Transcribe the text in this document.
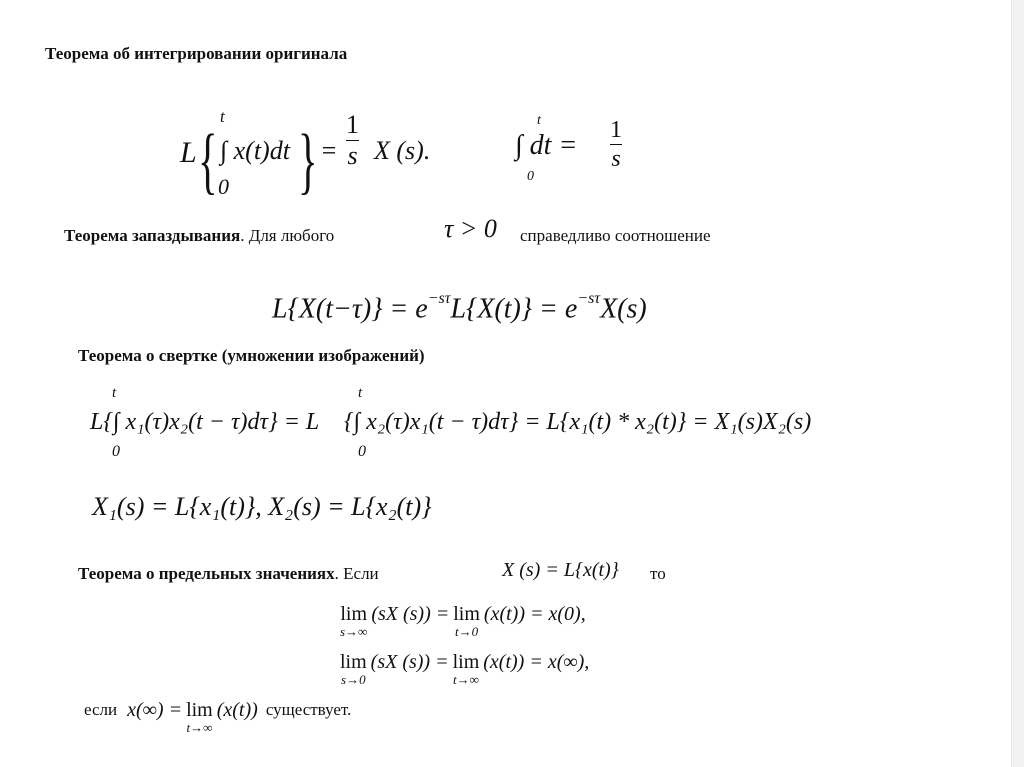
Теорема об интегрировании оригинала
L {
t
∫ x(t)dt
0 } =
1
s X (s).
t
∫ dt =
0
1
s
Теорема запаздывания. Для любого	τ > 0 справедливо соотношение
$L\{X(t-\tau)\} = e^{-s\tau}L\{X(t)\} = e^{-s\tau}X(s)$
Теорема о свертке (умножении изображений)
t
0
L{∫ x₁(τ)x₂(t − τ)dτ} = L
t
0
{∫ x₂(τ)x₁(t − τ)dτ} = L{x₁(t) * x₂(t)} = X₁(s)X₂(s)
X₁(s) = L{x₁(t)}, X₂(s) = L{x₂(t)}
Теорема о предельных значениях. Если	X (s) = L{x(t)} то
lim
s→∞
(sX (s)) = lim
t→0
(x(t)) = x(0),
lim
s→0
(sX (s)) = lim
t→∞
(x(t)) = x(∞),
если x(∞) = lim
t→∞
(x(t)) существует.
